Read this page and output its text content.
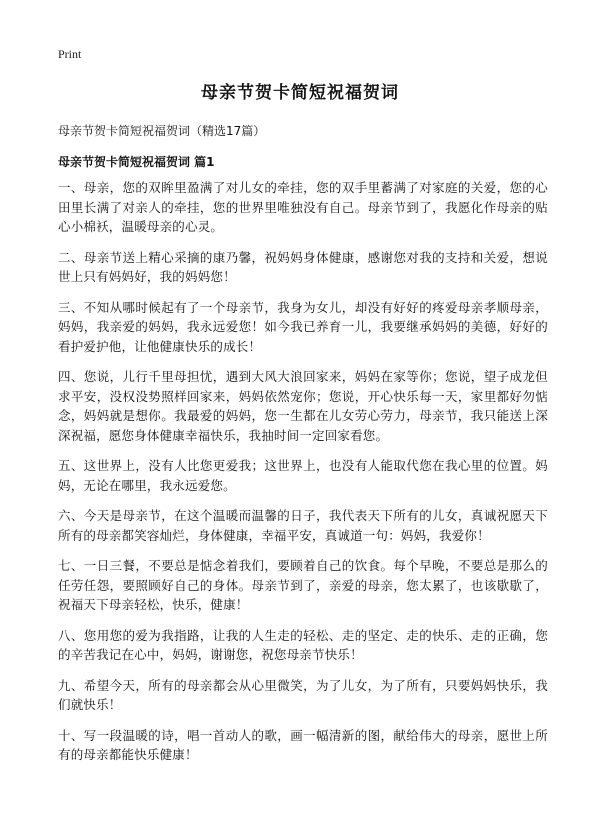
Print
母亲节贺卡简短祝福贺词

母亲节贺卡简短祝福贺词（精选17篇）

母亲节贺卡简短祝福贺词 篇1

一、母亲，您的双眸里盈满了对儿女的牵挂，您的双手里蓄满了对家庭的关爱，您的心田里长满了对亲人的牵挂，您的世界里唯独没有自己。母亲节到了，我愿化作母亲的贴心小棉袄，温暖母亲的心灵。

二、母亲节送上精心采摘的康乃馨，祝妈妈身体健康，感谢您对我的支持和关爱，想说世上只有妈妈好，我的妈妈您！

三、不知从哪时候起有了一个母亲节，我身为女儿，却没有好好的疼爱母亲孝顺母亲，妈妈，我亲爱的妈妈，我永远爱您！如今我已养育一儿，我要继承妈妈的美德，好好的看护爱护他，让他健康快乐的成长！

四、您说，儿行千里母担忧，遇到大风大浪回家来，妈妈在家等你；您说，望子成龙但求平安，没权没势照样回家来，妈妈依然宠你；您说，开心快乐每一天，家里都好勿惦念，妈妈就是想你。我最爱的妈妈，您一生都在儿女劳心劳力，母亲节，我只能送上深深祝福，愿您身体健康幸福快乐，我抽时间一定回家看您。

五、这世界上，没有人比您更爱我；这世界上，也没有人能取代您在我心里的位置。妈妈，无论在哪里，我永远爱您。

六、今天是母亲节，在这个温暖而温馨的日子，我代表天下所有的儿女，真诚祝愿天下所有的母亲都笑容灿烂，身体健康，幸福平安，真诚道一句：妈妈，我爱你！

七、一日三餐，不要总是惦念着我们，要顾着自己的饮食。每个早晚，不要总是那么的任劳任怨，要照顾好自己的身体。母亲节到了，亲爱的母亲，您太累了，也该歇歇了，祝福天下母亲轻松，快乐，健康！

八、您用您的爱为我指路，让我的人生走的轻松、走的坚定、走的快乐、走的正确，您的辛苦我记在心中，妈妈，谢谢您，祝您母亲节快乐！

九、希望今天，所有的母亲都会从心里微笑，为了儿女，为了所有，只要妈妈快乐，我们就快乐！

十、写一段温暖的诗，唱一首动人的歌，画一幅清新的图，献给伟大的母亲，愿世上所有的母亲都能快乐健康！
